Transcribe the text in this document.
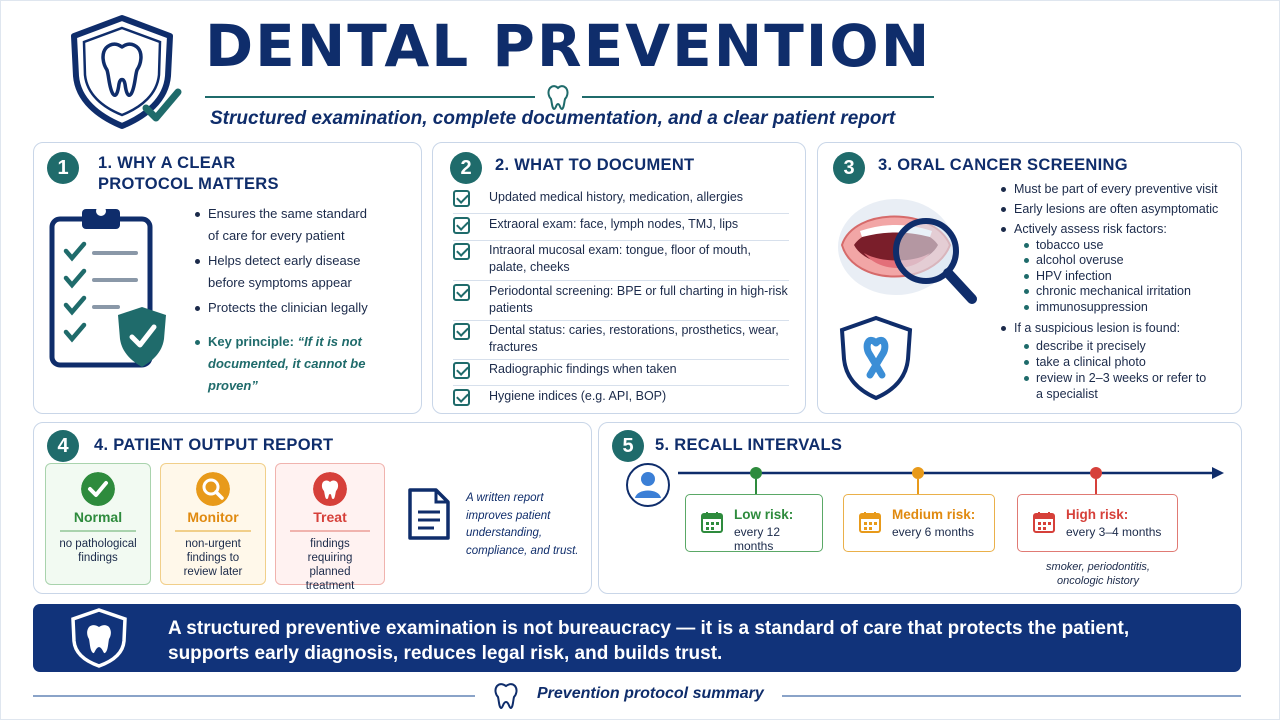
DENTAL PREVENTION
Structured examination, complete documentation, and a clear patient report
1	1. WHY A CLEAR PROTOCOL MATTERS
Ensures the same standard of care for every patient
Helps detect early disease before symptoms appear
Protects the clinician legally
Key principle: “If it is not documented, it cannot be proven”
2	2. WHAT TO DOCUMENT
Updated medical history, medication, allergies
Extraoral exam: face, lymph nodes, TMJ, lips
Intraoral mucosal exam: tongue, floor of mouth, palate, cheeks
Periodontal screening: BPE or full charting in high-risk patients
Dental status: caries, restorations, prosthetics, wear, fractures
Radiographic findings when taken
Hygiene indices (e.g. API, BOP)
3	3. ORAL CANCER SCREENING
Must be part of every preventive visit
Early lesions are often asymptomatic
Actively assess risk factors:
tobacco use
alcohol overuse
HPV infection
chronic mechanical irritation
immunosuppression
If a suspicious lesion is found:
describe it precisely
take a clinical photo
review in 2–3 weeks or refer to a specialist
4	4. PATIENT OUTPUT REPORT
Normal
no pathological findings
Monitor
non-urgent findings to review later
Treat
findings requiring planned treatment
A written report improves patient understanding, compliance, and trust.
5	5. RECALL INTERVALS
Low risk:
every 12 months
Medium risk:
every 6 months
High risk:
every 3–4 months
smoker, periodontitis, oncologic history
A structured preventive examination is not bureaucracy — it is a standard of care that protects the patient,
supports early diagnosis, reduces legal risk, and builds trust.
Prevention protocol summary
